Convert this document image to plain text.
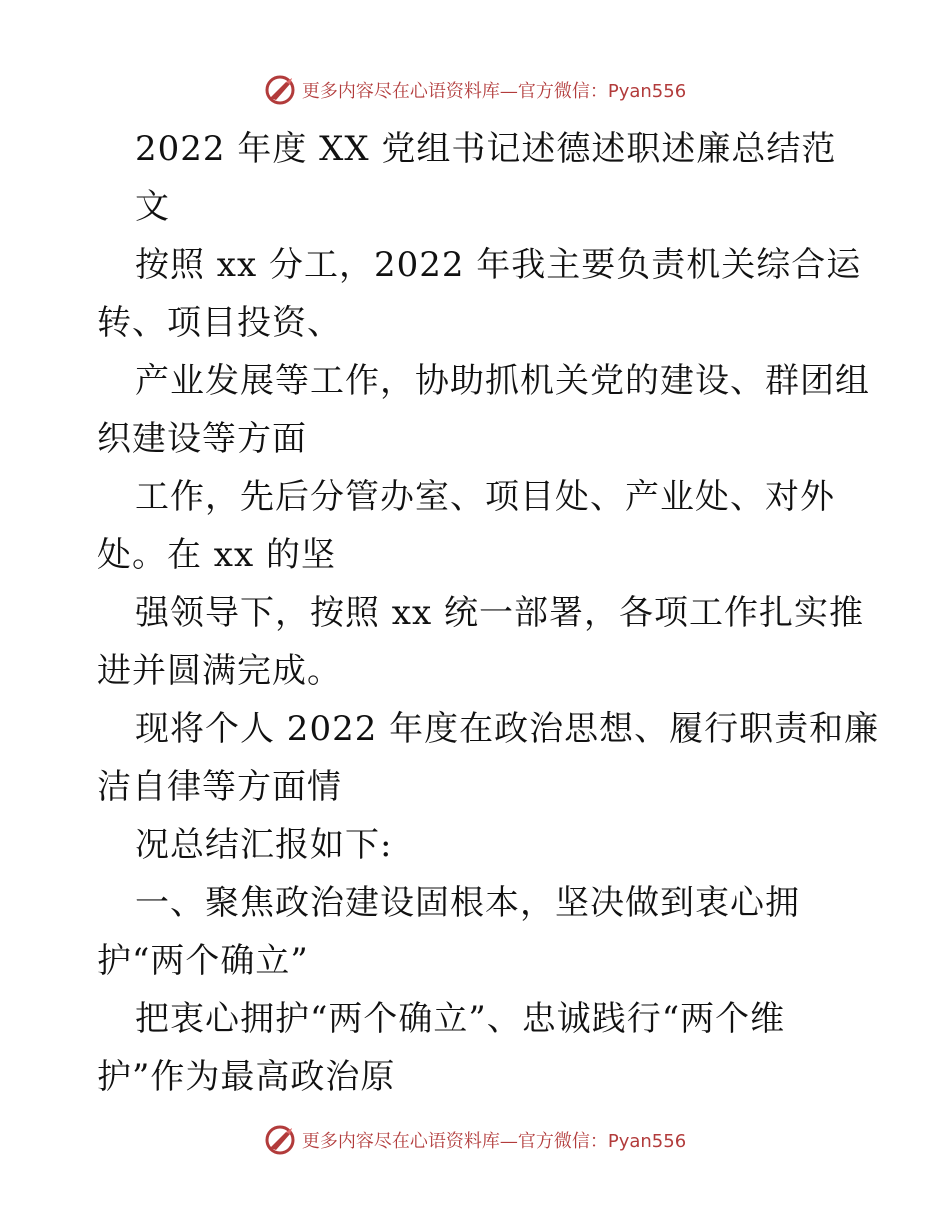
更多内容尽在心语资料库—官方微信：Pyan556
2022 年度 XX 党组书记述德述职述廉总结范
文
按照 xx 分工，2022 年我主要负责机关综合运
转、项目投资、
产业发展等工作，协助抓机关党的建设、群团组
织建设等方面
工作，先后分管办室、项目处、产业处、对外
处。在 xx 的坚
强领导下，按照 xx 统一部署，各项工作扎实推
进并圆满完成。
现将个人 2022 年度在政治思想、履行职责和廉
洁自律等方面情
况总结汇报如下:
一、聚焦政治建设固根本，坚决做到衷心拥
护“两个确立”
把衷心拥护“两个确立”、忠诚践行“两个维
护”作为最高政治原
更多内容尽在心语资料库—官方微信：Pyan556
